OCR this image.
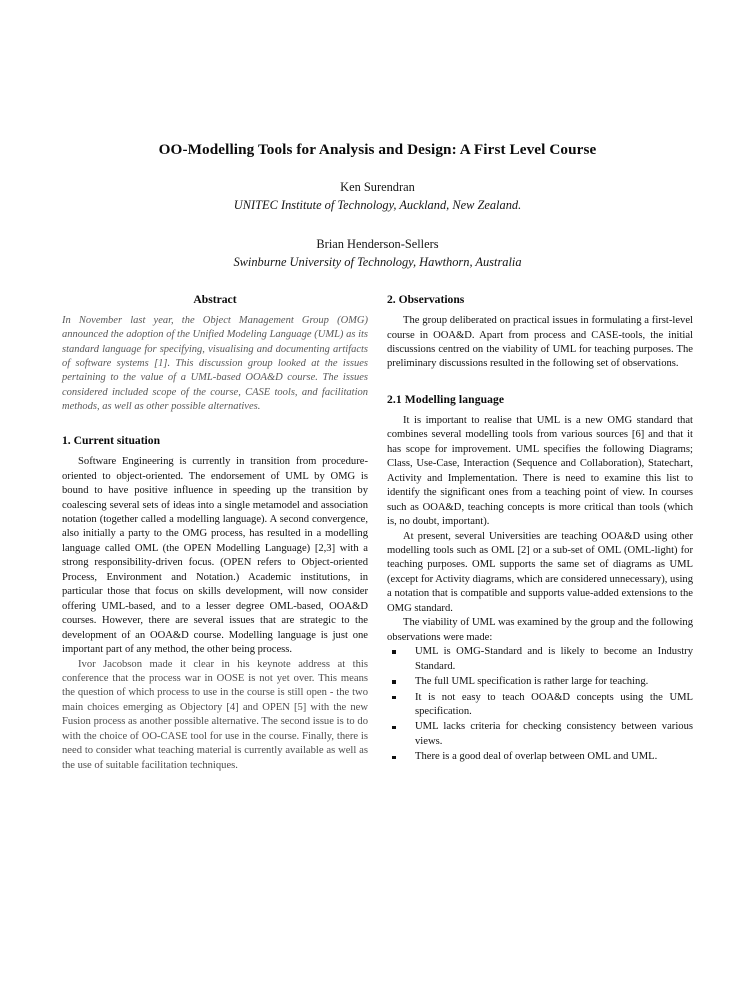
OO-Modelling Tools for Analysis and Design: A First Level Course
Ken Surendran
UNITEC Institute of Technology, Auckland, New Zealand.
Brian Henderson-Sellers
Swinburne University of Technology, Hawthorn, Australia
Abstract

In November last year, the Object Management Group (OMG) announced the adoption of the Unified Modeling Language (UML) as its standard language for specifying, visualising and documenting artifacts of software systems [1]. This discussion group looked at the issues pertaining to the value of a UML-based OOA&D course. The issues considered included scope of the course, CASE tools, and facilitation methods, as well as other possible alternatives.

1. Current situation

Software Engineering is currently in transition from procedure-oriented to object-oriented. The endorsement of UML by OMG is bound to have positive influence in speeding up the transition by coalescing several sets of ideas into a single metamodel and association notation (together called a modelling language). A second convergence, also initially a party to the OMG process, has resulted in a modelling language called OML (the OPEN Modelling Language) [2,3] with a strong responsibility-driven focus. (OPEN refers to Object-oriented Process, Environment and Notation.) Academic institutions, in particular those that focus on skills development, will now consider offering UML-based, and to a lesser degree OML-based, OOA&D courses. However, there are several issues that are strategic to the development of an OOA&D course. Modelling language is just one important part of any method, the other being process.

Ivor Jacobson made it clear in his keynote address at this conference that the process war in OOSE is not yet over. This means the question of which process to use in the course is still open - the two main choices emerging as Objectory [4] and OPEN [5] with the new Fusion process as another possible alternative. The second issue is to do with the choice of OO-CASE tool for use in the course. Finally, there is need to consider what teaching material is currently available as well as the use of suitable facilitation techniques.

2. Observations

The group deliberated on practical issues in formulating a first-level course in OOA&D. Apart from process and CASE-tools, the initial discussions centred on the viability of UML for teaching purposes. The preliminary discussions resulted in the following set of observations.

2.1 Modelling language

It is important to realise that UML is a new OMG standard that combines several modelling tools from various sources [6] and that it has scope for improvement. UML specifies the following Diagrams; Class, Use-Case, Interaction (Sequence and Collaboration), Statechart, Activity and Implementation. There is need to examine this list to identify the significant ones from a teaching point of view. In courses such as OOA&D, teaching concepts is more critical than tools (which is, no doubt, important).

At present, several Universities are teaching OOA&D using other modelling tools such as OML [2] or a sub-set of OML (OML-light) for teaching purposes. OML supports the same set of diagrams as UML (except for Activity diagrams, which are considered unnecessary), using a notation that is compatible and supports value-added extensions to the OMG standard.

The viability of UML was examined by the group and the following observations were made:

UML is OMG-Standard and is likely to become an Industry Standard.
The full UML specification is rather large for teaching.
It is not easy to teach OOA&D concepts using the UML specification.
UML lacks criteria for checking consistency between various views.
There is a good deal of overlap between OML and UML.
